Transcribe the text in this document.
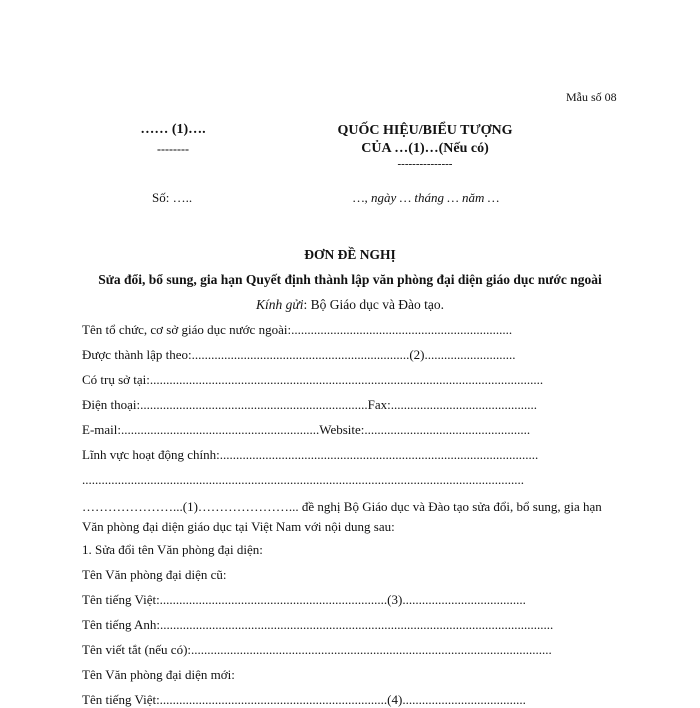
Mẫu số 08
…… (1)….
--------
QUỐC HIỆU/BIỂU TƯỢNG
CỦA …(1)…(Nếu có)
---------------
Số: …..	…, ngày … tháng … năm …
ĐƠN ĐỀ NGHỊ
Sửa đổi, bổ sung, gia hạn Quyết định thành lập văn phòng đại diện giáo dục nước ngoài
Kính gửi: Bộ Giáo dục và Đào tạo.
Tên tổ chức, cơ sở giáo dục nước ngoài:....................................................................
Được thành lập theo:...................................................................(2)............................
Có trụ sở tại:.........................................................................................................................
Điện thoại:......................................................................Fax:.............................................
E-mail:.............................................................Website:...................................................
Lĩnh vực hoạt động chính:..................................................................................................
........................................................................................................................................
…………………...(1)…………………... đề nghị Bộ Giáo dục và Đào tạo sửa đổi, bổ sung, gia hạn Văn phòng đại diện giáo dục tại Việt Nam với nội dung sau:
1. Sửa đổi tên Văn phòng đại diện:
Tên Văn phòng đại diện cũ:
Tên tiếng Việt:......................................................................(3)......................................
Tên tiếng Anh:.........................................................................................................................
Tên viết tắt (nếu có):...............................................................................................................
Tên Văn phòng đại diện mới:
Tên tiếng Việt:......................................................................(4)......................................
